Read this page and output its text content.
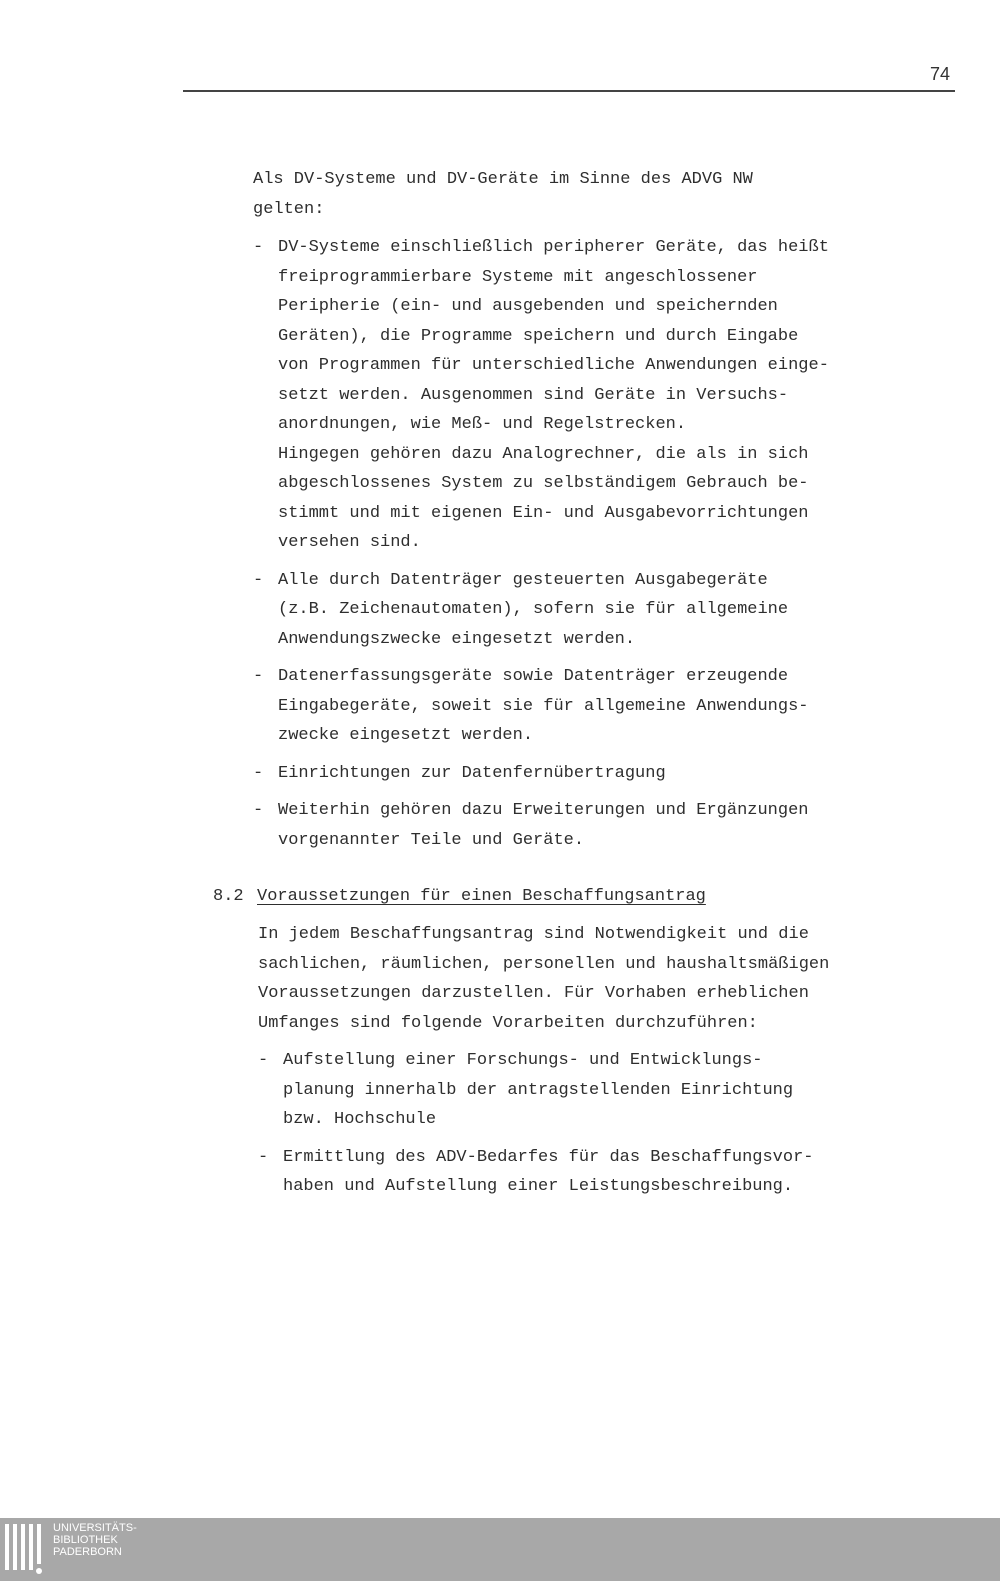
74
Als DV-Systeme und DV-Geräte im Sinne des ADVG NW
gelten:
- DV-Systeme einschließlich peripherer Geräte, das heißt
freiprogrammierbare Systeme mit angeschlossener
Peripherie (ein- und ausgebenden und speichernden
Geräten), die Programme speichern und durch Eingabe
von Programmen für unterschiedliche Anwendungen einge-
setzt werden. Ausgenommen sind Geräte in Versuchs-
anordnungen, wie Meß- und Regelstrecken.
Hingegen gehören dazu Analogrechner, die als in sich
abgeschlossenes System zu selbständigem Gebrauch be-
stimmt und mit eigenen Ein- und Ausgabevorrichtungen
versehen sind.
- Alle durch Datenträger gesteuerten Ausgabegeräte
(z.B. Zeichenautomaten), sofern sie für allgemeine
Anwendungszwecke eingesetzt werden.
- Datenerfassungsgeräte sowie Datenträger erzeugende
Eingabegeräte, soweit sie für allgemeine Anwendungs-
zwecke eingesetzt werden.
- Einrichtungen zur Datenfernübertragung
- Weiterhin gehören dazu Erweiterungen und Ergänzungen
vorgenannter Teile und Geräte.
8.2 Voraussetzungen für einen Beschaffungsantrag
In jedem Beschaffungsantrag sind Notwendigkeit und die
sachlichen, räumlichen, personellen und haushaltsmäßigen
Voraussetzungen darzustellen. Für Vorhaben erheblichen
Umfanges sind folgende Vorarbeiten durchzuführen:
- Aufstellung einer Forschungs- und Entwicklungs-
planung innerhalb der antragstellenden Einrichtung
bzw. Hochschule
- Ermittlung des ADV-Bedarfes für das Beschaffungsvor-
haben und Aufstellung einer Leistungsbeschreibung.
UNIVERSITÄTS-
BIBLIOTHEK
PADERBORN
